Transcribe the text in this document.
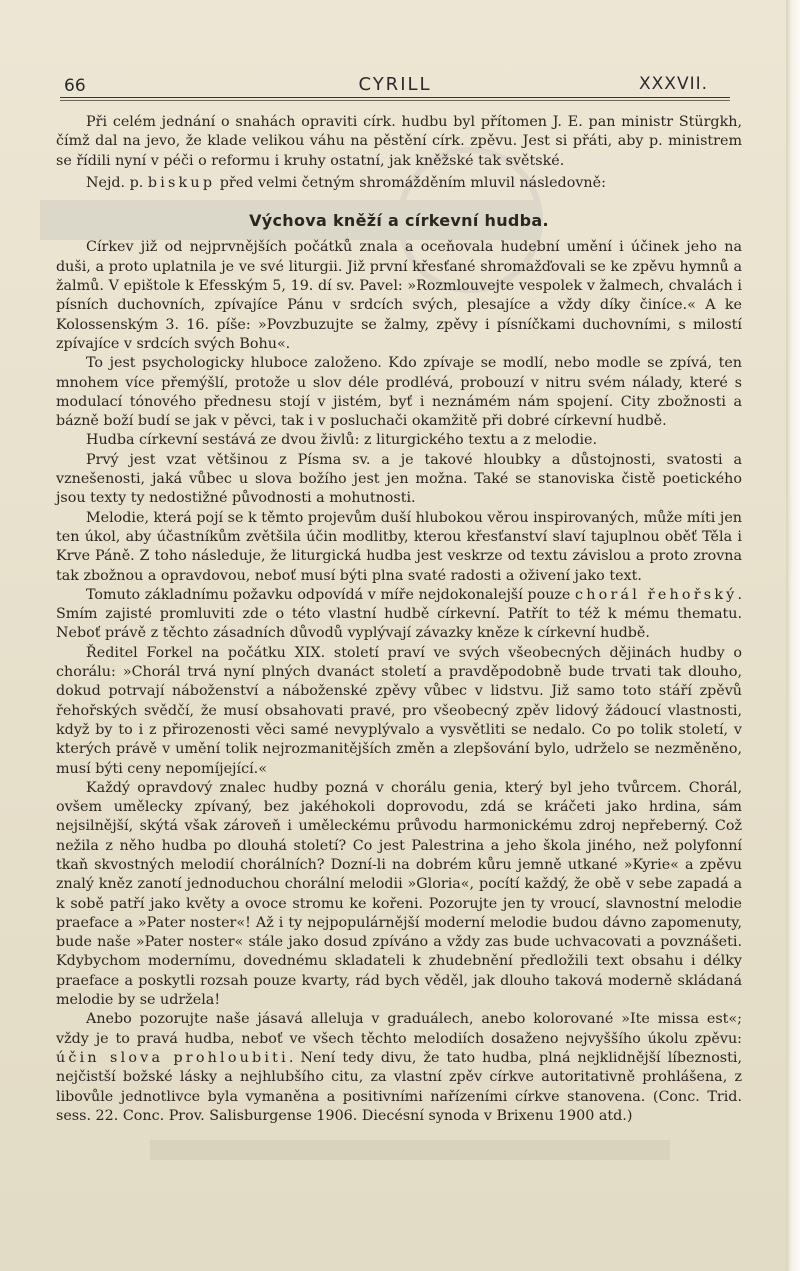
66	CYRILL	XXXVII.

Při celém jednání o snahách opraviti círk. hudbu byl přítomen J. E. pan ministr Stürgkh, čímž dal na jevo, že klade velikou váhu na pěstění círk. zpěvu. Jest si přáti, aby p. ministrem se řídili nyní v péči o reformu i kruhy ostatní, jak kněžské tak světské.

Nejd. p. biskup před velmi četným shromážděním mluvil následovně:

Výchova kněží a církevní hudba.

Církev již od nejprvnějších počátků znala a oceňovala hudební umění i účinek jeho na duši, a proto uplatnila je ve své liturgii. Již první křesťané shromažďovali se ke zpěvu hymnů a žalmů. V epištole k Efesským 5, 19. dí sv. Pavel: »Rozmlouvejte vespolek v žalmech, chvalách i písních duchovních, zpívajíce Pánu v srdcích svých, plesajíce a vždy díky činíce.« A ke Kolossenským 3. 16. píše: »Povzbuzujte se žalmy, zpěvy i písníčkami duchovními, s milostí zpívajíce v srdcích svých Bohu«.

To jest psychologicky hluboce založeno. Kdo zpívaje se modlí, nebo modle se zpívá, ten mnohem více přemýšlí, protože u slov déle prodlévá, probouzí v nitru svém nálady, které s modulací tónového přednesu stojí v jistém, byť i neznámém nám spojení. City zbožnosti a bázně boží budí se jak v pěvci, tak i v posluchači okamžitě při dobré církevní hudbě.

Hudba církevní sestává ze dvou živlů: z liturgického textu a z melodie.

Prvý jest vzat většinou z Písma sv. a je takové hloubky a důstojnosti, svatosti a vznešenosti, jaká vůbec u slova božího jest jen možna. Také se stanoviska čistě poetického jsou texty ty nedostižné původnosti a mohutnosti.

Melodie, která pojí se k těmto projevům duší hlubokou věrou inspirovaných, může míti jen ten úkol, aby účastníkům zvětšila účin modlitby, kterou křesťanství slaví tajuplnou oběť Těla i Krve Páně. Z toho následuje, že liturgická hudba jest veskrze od textu závislou a proto zrovna tak zbožnou a opravdovou, neboť musí býti plna svaté radosti a oživení jako text.

Tomuto základnímu požavku odpovídá v míře nejdokonalejší pouze chorál řehořský. Smím zajisté promluviti zde o této vlastní hudbě církevní. Patřít to též k mému thematu. Neboť právě z těchto zásadních důvodů vyplývají závazky kněze k církevní hudbě.

Ředitel Forkel na počátku XIX. století praví ve svých všeobecných dějinách hudby o chorálu: »Chorál trvá nyní plných dvanáct století a pravděpodobně bude trvati tak dlouho, dokud potrvají náboženství a náboženské zpěvy vůbec v lidstvu. Již samo toto stáří zpěvů řehořských svědčí, že musí obsahovati pravé, pro všeobecný zpěv lidový žádoucí vlastnosti, když by to i z přirozenosti věci samé nevyplývalo a vysvětliti se nedalo. Co po tolik století, v kterých právě v umění tolik nejrozmanitějších změn a zlepšování bylo, udrželo se nezměněno, musí býti ceny nepomíjející.«

Každý opravdový znalec hudby pozná v chorálu genia, který byl jeho tvůrcem. Chorál, ovšem umělecky zpívaný, bez jakéhokoli doprovodu, zdá se kráčeti jako hrdina, sám nejsilnější, skýtá však zároveň i uměleckému průvodu harmonickému zdroj nepřeberný. Což nežila z něho hudba po dlouhá století? Co jest Palestrina a jeho škola jiného, než polyfonní tkaň skvostných melodií chorálních? Dozní-li na dobrém kůru jemně utkané »Kyrie« a zpěvu znalý kněz zanotí jednoduchou chorální melodii »Gloria«, pocítí každý, že obě v sebe zapadá a k sobě patří jako květy a ovoce stromu ke kořeni. Pozorujte jen ty vroucí, slavnostní melodie praeface a »Pater noster«! Až i ty nejpopulárnější moderní melodie budou dávno zapomenuty, bude naše »Pater noster« stále jako dosud zpíváno a vždy zas bude uchvacovati a povznášeti. Kdybychom modernímu, dovednému skladateli k zhudebnění předložili text obsahu i délky praeface a poskytli rozsah pouze kvarty, rád bych věděl, jak dlouho taková moderně skládaná melodie by se udržela!

Anebo pozorujte naše jásavá alleluja v graduálech, anebo kolorované »Ite missa est«; vždy je to pravá hudba, neboť ve všech těchto melodiích dosaženo nejvyššího úkolu zpěvu: účin slova prohloubiti. Není tedy divu, že tato hudba, plná nejklidnější líbeznosti, nejčistší božské lásky a nejhlubšího citu, za vlastní zpěv církve autoritativně prohlášena, z libovůle jednotlivce byla vymaněna a positivními nařízeními církve stanovena. (Conc. Trid. sess. 22. Conc. Prov. Salisburgense 1906. Diecésní synoda v Brixenu 1900 atd.)
